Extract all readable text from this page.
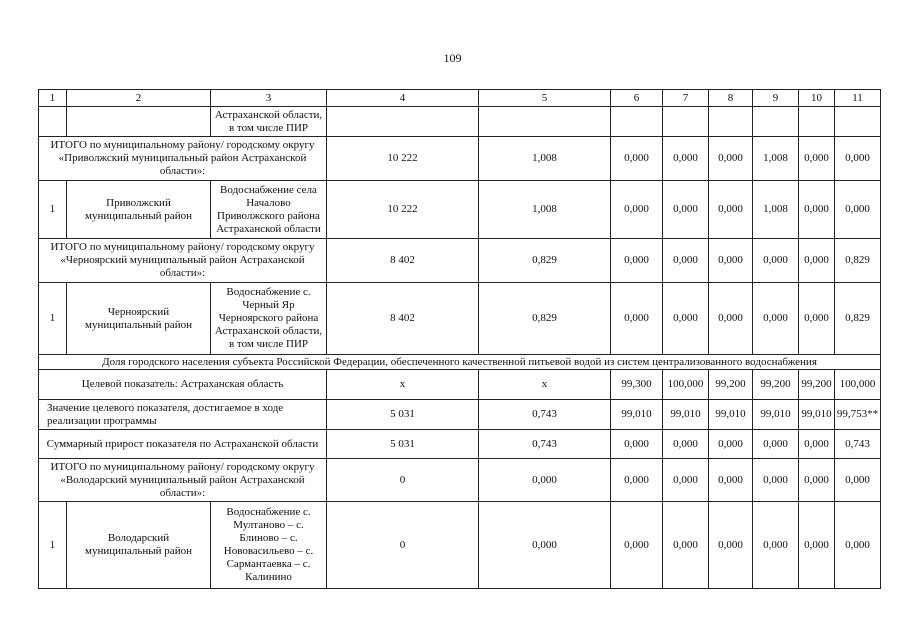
109
1	2	3	4	5	6	7	8	9	10	11
		Астраханской области, в том числе ПИР								
ИТОГО по муниципальному району/ городскому округу «Приволжский муниципальный район Астраханской области»:			10 222	1,008	0,000	0,000	0,000	1,008	0,000	0,000
1	Приволжский муниципальный район	Водоснабжение села Началово Приволжского района Астраханской области	10 222	1,008	0,000	0,000	0,000	1,008	0,000	0,000
ИТОГО по муниципальному району/ городскому округу «Черноярский муниципальный район Астраханской области»:			8 402	0,829	0,000	0,000	0,000	0,000	0,000	0,829
1	Черноярский муниципальный район	Водоснабжение с. Черный Яр Черноярского района Астраханской области, в том числе ПИР	8 402	0,829	0,000	0,000	0,000	0,000	0,000	0,829
Доля городского населения субъекта Российской Федерации, обеспеченного качественной питьевой водой из систем централизованного водоснабжения										
Целевой показатель: Астраханская область			х	х	99,300	100,000	99,200	99,200	99,200	100,000
Значение целевого показателя, достигаемое в ходе реализации программы			5 031	0,743	99,010	99,010	99,010	99,010	99,010	99,753**
Суммарный прирост показателя по Астраханской области			5 031	0,743	0,000	0,000	0,000	0,000	0,000	0,743
ИТОГО по муниципальному району/ городскому округу «Володарский муниципальный район Астраханской области»:			0	0,000	0,000	0,000	0,000	0,000	0,000	0,000
1	Володарский муниципальный район	Водоснабжение с. Мултаново – с. Блиново – с. Нововасильево – с. Сармантаевка – с. Калинино	0	0,000	0,000	0,000	0,000	0,000	0,000	0,000
